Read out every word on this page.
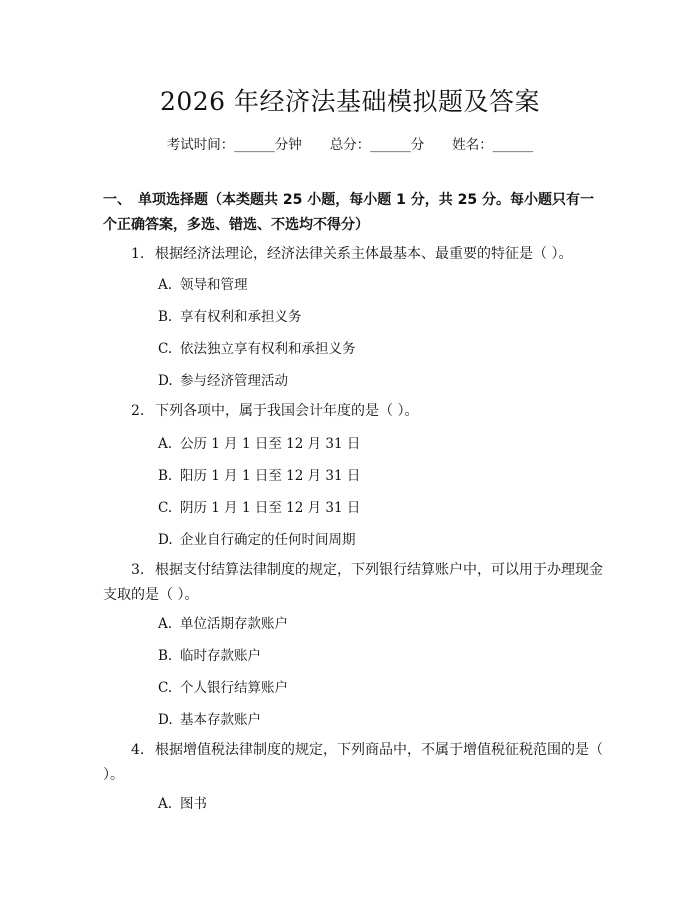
2026 年经济法基础模拟题及答案
考试时间：______分钟 总分：______分 姓名：______
一、　单项选择题（本类题共 25 小题，每小题 1 分，共 25 分。每小题只有一个正确答案，多选、错选、不选均不得分）
1. 根据经济法理论，经济法律关系主体最基本、最重要的特征是（ ）。
A. 领导和管理
B. 享有权利和承担义务
C. 依法独立享有权利和承担义务
D. 参与经济管理活动
2. 下列各项中，属于我国会计年度的是（ ）。
A. 公历 1 月 1 日至 12 月 31 日
B. 阳历 1 月 1 日至 12 月 31 日
C. 阴历 1 月 1 日至 12 月 31 日
D. 企业自行确定的任何时间周期
3. 根据支付结算法律制度的规定，下列银行结算账户中，可以用于办理现金支取的是（ ）。
A. 单位活期存款账户
B. 临时存款账户
C. 个人银行结算账户
D. 基本存款账户
4. 根据增值税法律制度的规定，下列商品中，不属于增值税征税范围的是（ ）。
A. 图书
